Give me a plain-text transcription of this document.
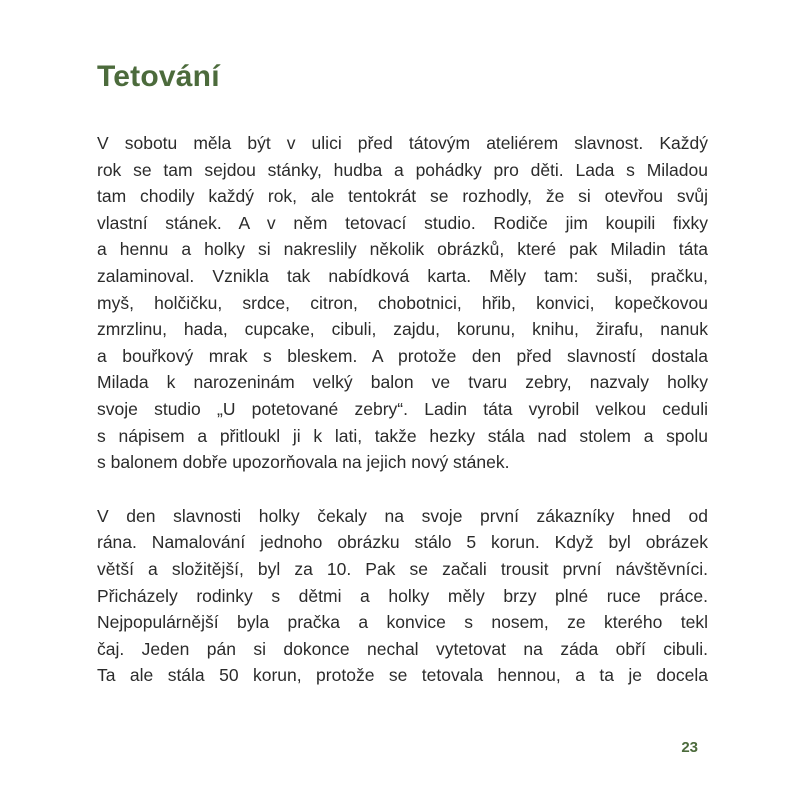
Tetování
V sobotu měla být v ulici před tátovým ateliérem slavnost. Každý
rok se tam sejdou stánky, hudba a pohádky pro děti. Lada s Miladou
tam chodily každý rok, ale tentokrát se rozhodly, že si otevřou svůj
vlastní stánek. A v něm tetovací studio. Rodiče jim koupili fixky
a hennu a holky si nakreslily několik obrázků, které pak Miladin táta
zalaminoval. Vznikla tak nabídková karta. Měly tam: suši, pračku,
myš, holčičku, srdce, citron, chobotnici, hřib, konvici, kopečkovou
zmrzlinu, hada, cupcake, cibuli, zajdu, korunu, knihu, žirafu, nanuk
a bouřkový mrak s bleskem. A protože den před slavností dostala
Milada k narozeninám velký balon ve tvaru zebry, nazvaly holky
svoje studio „U potetované zebry“. Ladin táta vyrobil velkou ceduli
s nápisem a přitloukl ji k lati, takže hezky stála nad stolem a spolu
s balonem dobře upozorňovala na jejich nový stánek.
V den slavnosti holky čekaly na svoje první zákazníky hned od
rána. Namalování jednoho obrázku stálo 5 korun. Když byl obrázek
větší a složitější, byl za 10. Pak se začali trousit první návštěvníci.
Přicházely rodinky s dětmi a holky měly brzy plné ruce práce.
Nejpopulárnější byla pračka a konvice s nosem, ze kterého tekl
čaj. Jeden pán si dokonce nechal vytetovat na záda obří cibuli.
Ta ale stála 50 korun, protože se tetovala hennou, a ta je docela
23
